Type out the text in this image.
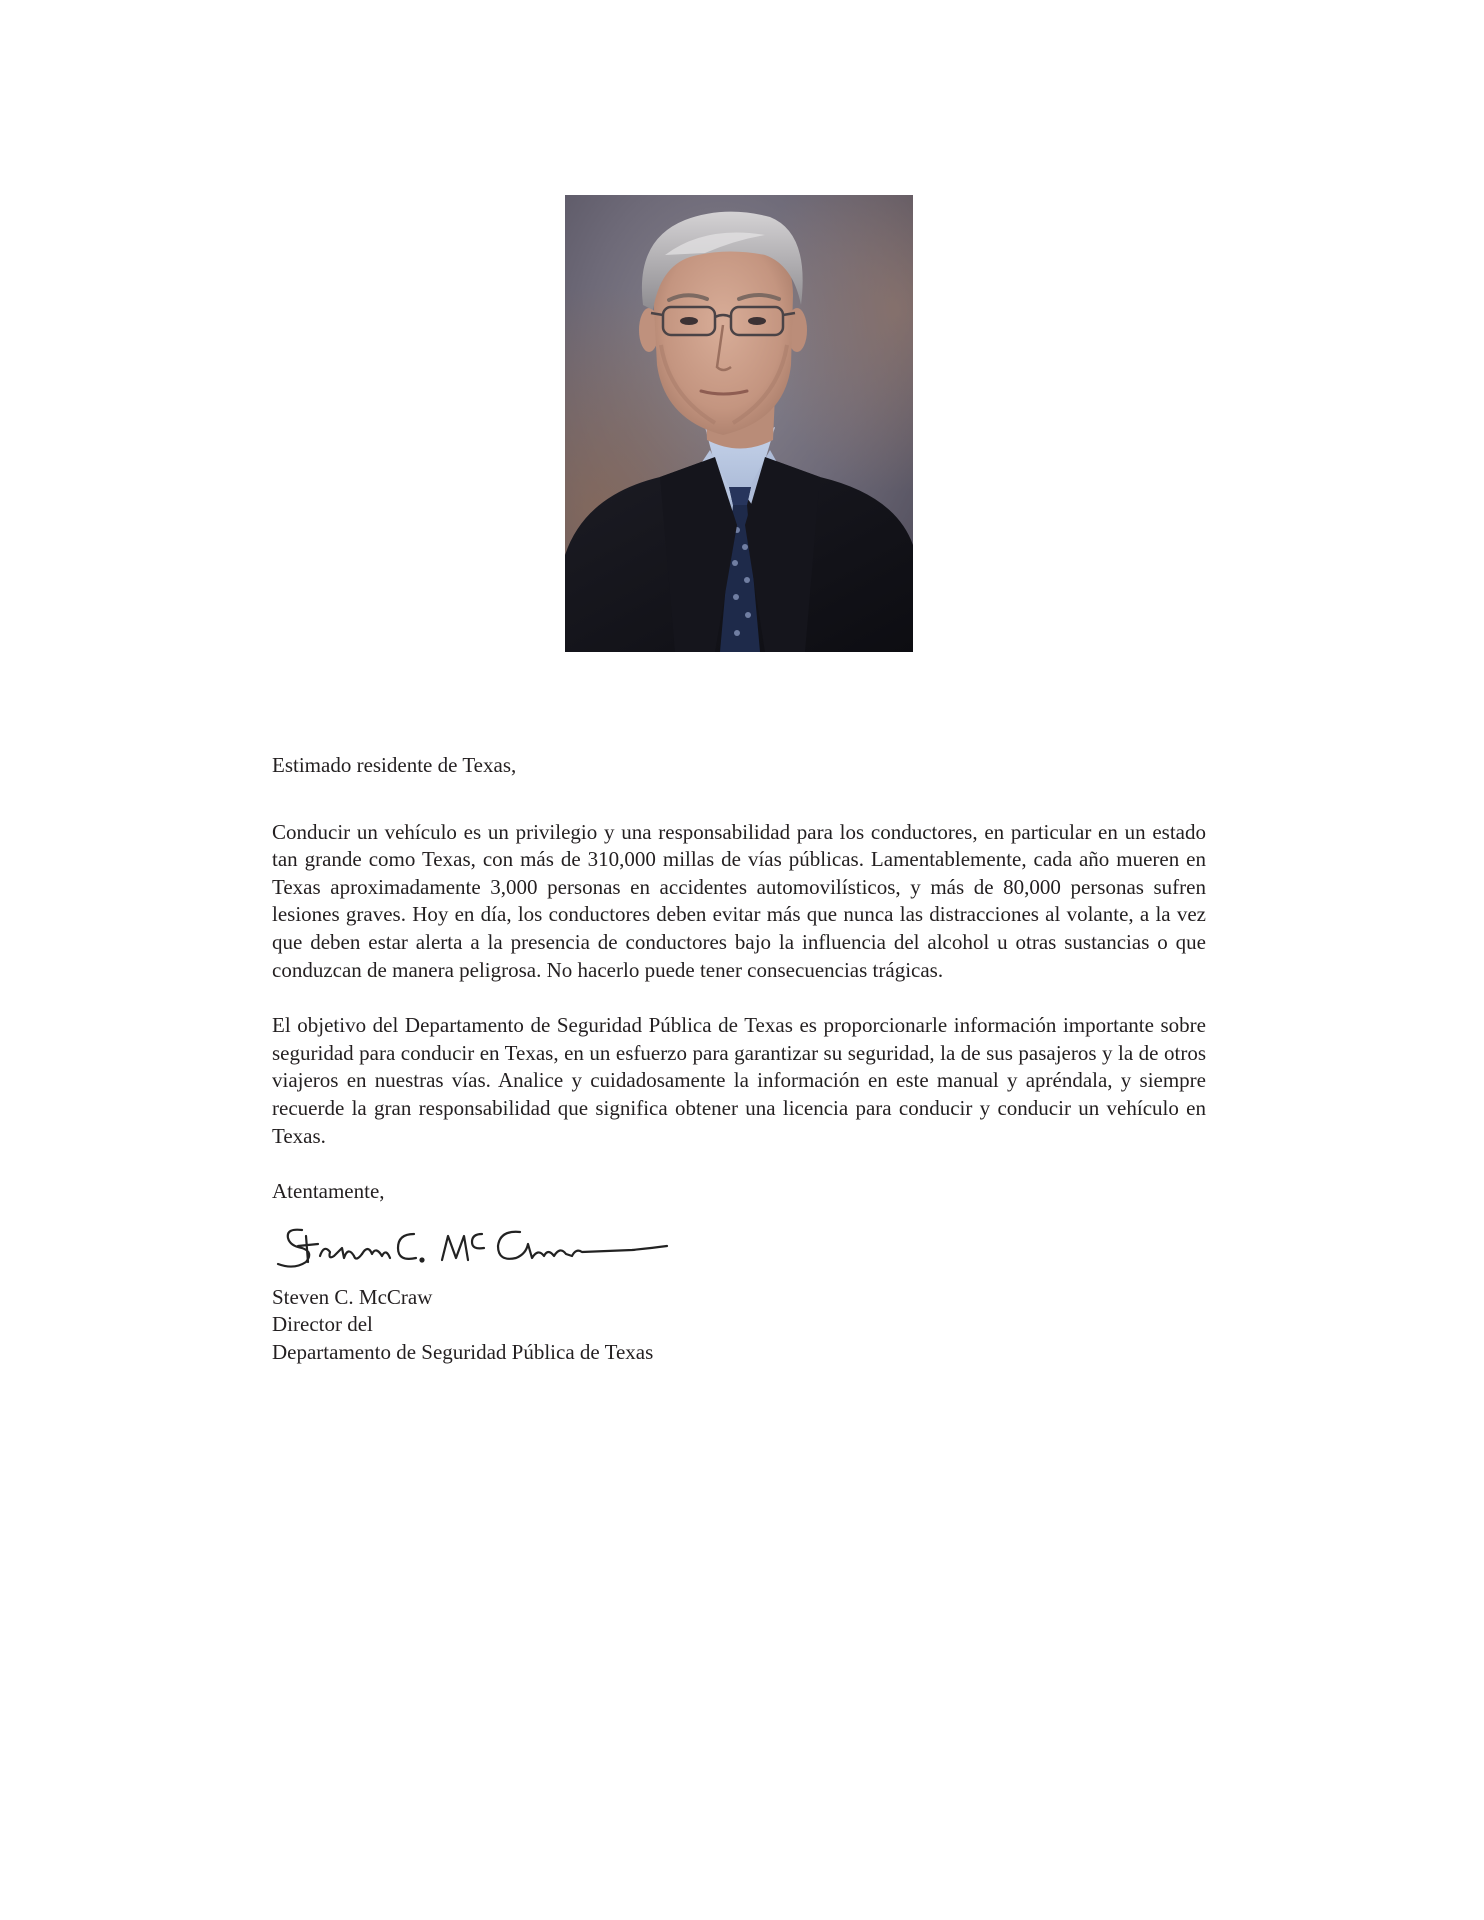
Estimado residente de Texas,

Conducir un vehículo es un privilegio y una responsabilidad para los conductores, en particular en un estado tan grande como Texas, con más de 310,000 millas de vías públicas. Lamentablemente, cada año mueren en Texas aproximadamente 3,000 personas en accidentes automovilísticos, y más de 80,000 personas sufren lesiones graves. Hoy en día, los conductores deben evitar más que nunca las distracciones al volante, a la vez que deben estar alerta a la presencia de conductores bajo la influencia del alcohol u otras sustancias o que conduzcan de manera peligrosa. No hacerlo puede tener consecuencias trágicas.

El objetivo del Departamento de Seguridad Pública de Texas es proporcionarle información importante sobre seguridad para conducir en Texas, en un esfuerzo para garantizar su seguridad, la de sus pasajeros y la de otros viajeros en nuestras vías. Analice y cuidadosamente la información en este manual y apréndala, y siempre recuerde la gran responsabilidad que significa obtener una licencia para conducir y conducir un vehículo en Texas.

Atentamente,

Steven C. McCraw
Director del
Departamento de Seguridad Pública de Texas
